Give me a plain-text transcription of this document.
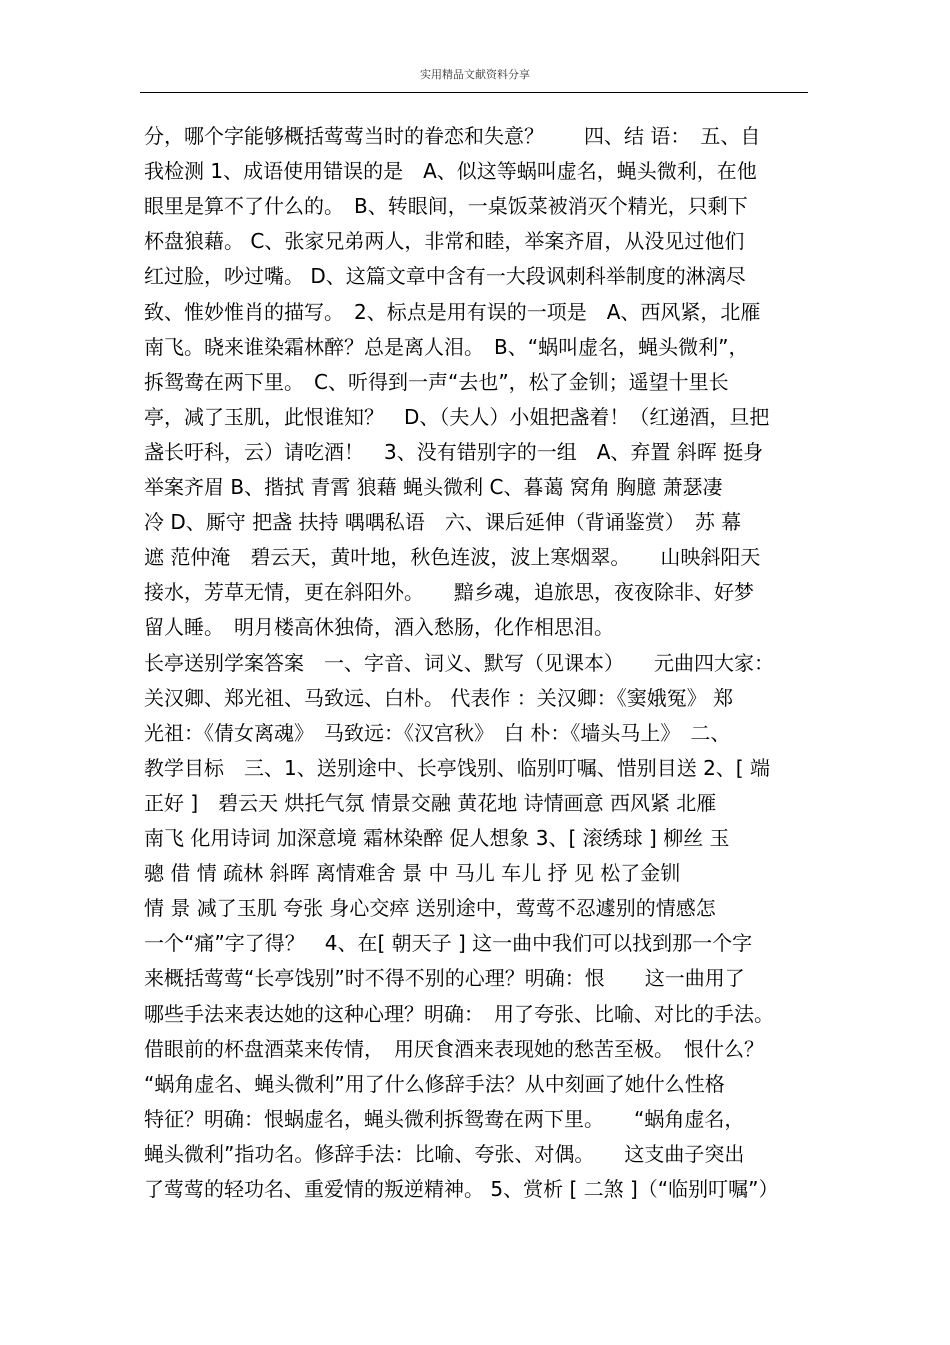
实用精品文献资料分享
分，哪个字能够概括莺莺当时的眷恋和失意？　　四、结 语：　五、自
我检测 1、成语使用错误的是　A、似这等蜗叫虚名，蝇头微利，在他
眼里是算不了什么的。　B、转眼间，一桌饭菜被消灭个精光，只剩下
杯盘狼藉。 C、张家兄弟两人，非常和睦，举案齐眉，从没见过他们
红过脸，吵过嘴。 D、这篇文章中含有一大段讽刺科举制度的淋漓尽
致、惟妙惟肖的描写。　2、标点是用有误的一项是　A、西风紧，北雁
南飞。晓来谁染霜林醉？总是离人泪。　B、“蜗叫虚名，蝇头微利”，
拆鸳鸯在两下里。　C、听得到一声“去也”，松了金钏；遥望十里长
亭，减了玉肌，此恨谁知？　D、（夫人）小姐把盏着！（红递酒，旦把
盏长吁科，云）请吃酒！　3、没有错别字的一组　A、弃置 斜晖 挺身
举案齐眉 B、揩拭 青霄 狼藉 蝇头微利 C、暮蔼 窝角 胸臆 萧瑟凄
冷 D、厮守 把盏 扶持 喁喁私语　六、课后延伸（背诵鉴赏）　苏 幕
遮 范仲淹　碧云天，黄叶地，秋色连波，波上寒烟翠。　　山映斜阳天
接水，芳草无情，更在斜阳外。　　黯乡魂，追旅思，夜夜除非、好梦
留人睡。　明月楼高休独倚，酒入愁肠，化作相思泪。
长亭送别学案答案　一、字音、词义、默写（见课本）　　元曲四大家：
关汉卿、郑光祖、马致远、白朴。 代表作 ：关汉卿：《窦娥冤》 郑
光祖：《倩女离魂》　马致远：《汉宫秋》　白 朴：《墙头马上》　二、
教学目标　三、1、送别途中、长亭饯别、临别叮嘱、惜别目送 2、[ 端
正好 ]　碧云天 烘托气氛 情景交融 黄花地 诗情画意 西风紧 北雁
南飞 化用诗词 加深意境 霜林染醉 促人想象 3、[ 滚绣球 ] 柳丝 玉
骢 借 情 疏林 斜晖 离情难舍 景 中 马儿 车儿 抒 见 松了金钏
情 景 减了玉肌 夸张 身心交瘁 送别途中，莺莺不忍遽别的情感怎
一个“痛”字了得？　4、在[ 朝天子 ] 这一曲中我们可以找到那一个字
来概括莺莺“长亭饯别”时不得不别的心理？明确：恨　　这一曲用了
哪些手法来表达她的这种心理？明确：　用了夸张、比喻、对比的手法。
借眼前的杯盘酒菜来传情，　用厌食酒来表现她的愁苦至极。　恨什么？
“蜗角虚名、蝇头微利”用了什么修辞手法？从中刻画了她什么性格
特征？明确：恨蜗虚名，蝇头微利拆鸳鸯在两下里。　　“蜗角虚名，
蝇头微利”指功名。修辞手法：比喻、夸张、对偶。　　这支曲子突出
了莺莺的轻功名、重爱情的叛逆精神。 5、赏析 [ 二煞 ]（“临别叮嘱”）
